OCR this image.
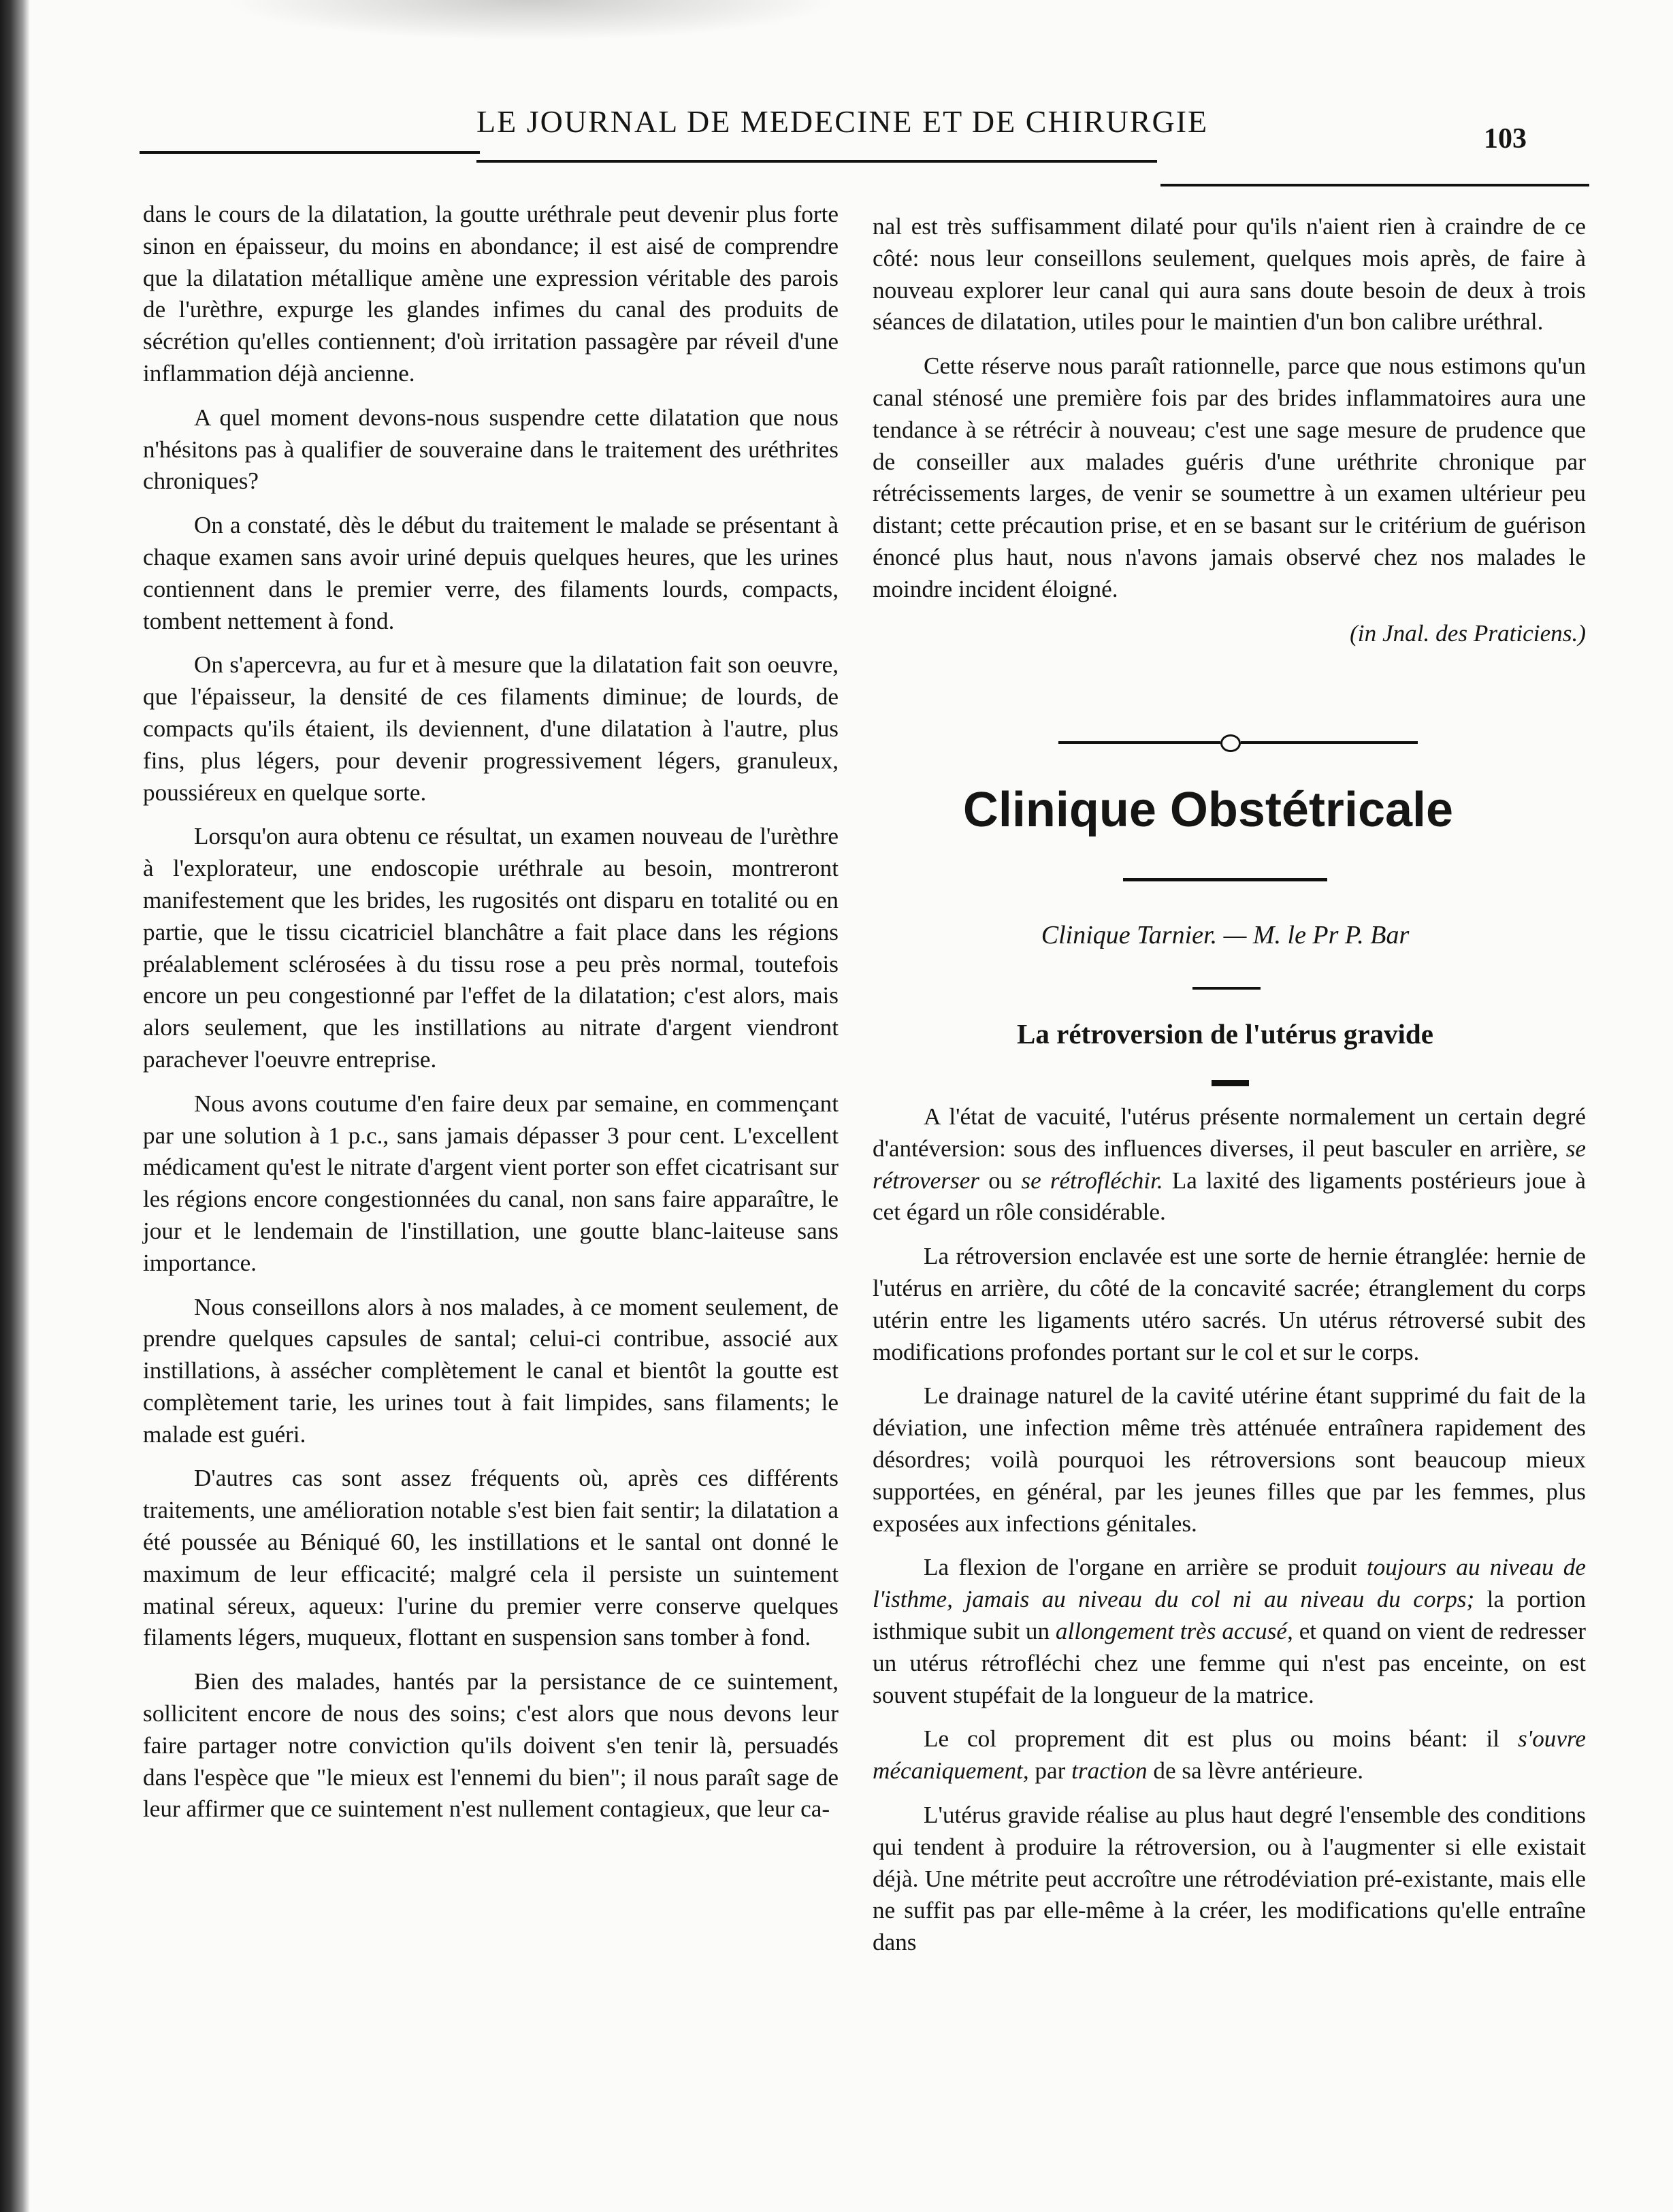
LE JOURNAL DE MEDECINE ET DE CHIRURGIE	103

dans le cours de la dilatation, la goutte uréthrale peut devenir plus forte sinon en épaisseur, du moins en abondance; il est aisé de comprendre que la dilatation métallique amène une expression véritable des parois de l'urèthre, expurge les glandes infimes du canal des produits de sécrétion qu'elles contiennent; d'où irritation passagère par réveil d'une inflammation déjà ancienne.

A quel moment devons-nous suspendre cette dilatation que nous n'hésitons pas à qualifier de souveraine dans le traitement des uréthrites chroniques?

On a constaté, dès le début du traitement le malade se présentant à chaque examen sans avoir uriné depuis quelques heures, que les urines contiennent dans le premier verre, des filaments lourds, compacts, tombent nettement à fond.

On s'apercevra, au fur et à mesure que la dilatation fait son oeuvre, que l'épaisseur, la densité de ces filaments diminue; de lourds, de compacts qu'ils étaient, ils deviennent, d'une dilatation à l'autre, plus fins, plus légers, pour devenir progressivement légers, granuleux, poussiéreux en quelque sorte.

Lorsqu'on aura obtenu ce résultat, un examen nouveau de l'urèthre à l'explorateur, une endoscopie uréthrale au besoin, montreront manifestement que les brides, les rugosités ont disparu en totalité ou en partie, que le tissu cicatriciel blanchâtre a fait place dans les régions préalablement sclérosées à du tissu rose a peu près normal, toutefois encore un peu congestionné par l'effet de la dilatation; c'est alors, mais alors seulement, que les instillations au nitrate d'argent viendront parachever l'oeuvre entreprise.

Nous avons coutume d'en faire deux par semaine, en commençant par une solution à 1 p.c., sans jamais dépasser 3 pour cent. L'excellent médicament qu'est le nitrate d'argent vient porter son effet cicatrisant sur les régions encore congestionnées du canal, non sans faire apparaître, le jour et le lendemain de l'instillation, une goutte blanc-laiteuse sans importance.

Nous conseillons alors à nos malades, à ce moment seulement, de prendre quelques capsules de santal; celui-ci contribue, associé aux instillations, à assécher complètement le canal et bientôt la goutte est complètement tarie, les urines tout à fait limpides, sans filaments; le malade est guéri.

D'autres cas sont assez fréquents où, après ces différents traitements, une amélioration notable s'est bien fait sentir; la dilatation a été poussée au Béniqué 60, les instillations et le santal ont donné le maximum de leur efficacité; malgré cela il persiste un suintement matinal séreux, aqueux: l'urine du premier verre conserve quelques filaments légers, muqueux, flottant en suspension sans tomber à fond.

Bien des malades, hantés par la persistance de ce suintement, sollicitent encore de nous des soins; c'est alors que nous devons leur faire partager notre conviction qu'ils doivent s'en tenir là, persuadés dans l'espèce que "le mieux est l'ennemi du bien"; il nous paraît sage de leur affirmer que ce suintement n'est nullement contagieux, que leur ca-

nal est très suffisamment dilaté pour qu'ils n'aient rien à craindre de ce côté: nous leur conseillons seulement, quelques mois après, de faire à nouveau explorer leur canal qui aura sans doute besoin de deux à trois séances de dilatation, utiles pour le maintien d'un bon calibre uréthral.

Cette réserve nous paraît rationnelle, parce que nous estimons qu'un canal sténosé une première fois par des brides inflammatoires aura une tendance à se rétrécir à nouveau; c'est une sage mesure de prudence que de conseiller aux malades guéris d'une uréthrite chronique par rétrécissements larges, de venir se soumettre à un examen ultérieur peu distant; cette précaution prise, et en se basant sur le critérium de guérison énoncé plus haut, nous n'avons jamais observé chez nos malades le moindre incident éloigné.

(in Jnal. des Praticiens.)
Clinique Obstétricale
Clinique Tarnier. — M. le Pr P. Bar
La rétroversion de l'utérus gravide

A l'état de vacuité, l'utérus présente normalement un certain degré d'antéversion: sous des influences diverses, il peut basculer en arrière, se rétroverser ou se rétrofléchir. La laxité des ligaments postérieurs joue à cet égard un rôle considérable.

La rétroversion enclavée est une sorte de hernie étranglée: hernie de l'utérus en arrière, du côté de la concavité sacrée; étranglement du corps utérin entre les ligaments utéro sacrés. Un utérus rétroversé subit des modifications profondes portant sur le col et sur le corps.

Le drainage naturel de la cavité utérine étant supprimé du fait de la déviation, une infection même très atténuée entraînera rapidement des désordres; voilà pourquoi les rétroversions sont beaucoup mieux supportées, en général, par les jeunes filles que par les femmes, plus exposées aux infections génitales.

La flexion de l'organe en arrière se produit toujours au niveau de l'isthme, jamais au niveau du col ni au niveau du corps; la portion isthmique subit un allongement très accusé, et quand on vient de redresser un utérus rétrofléchi chez une femme qui n'est pas enceinte, on est souvent stupéfait de la longueur de la matrice.

Le col proprement dit est plus ou moins béant: il s'ouvre mécaniquement, par traction de sa lèvre antérieure.

L'utérus gravide réalise au plus haut degré l'ensemble des conditions qui tendent à produire la rétroversion, ou à l'augmenter si elle existait déjà. Une métrite peut accroître une rétrodéviation pré-existante, mais elle ne suffit pas par elle-même à la créer, les modifications qu'elle entraîne dans
